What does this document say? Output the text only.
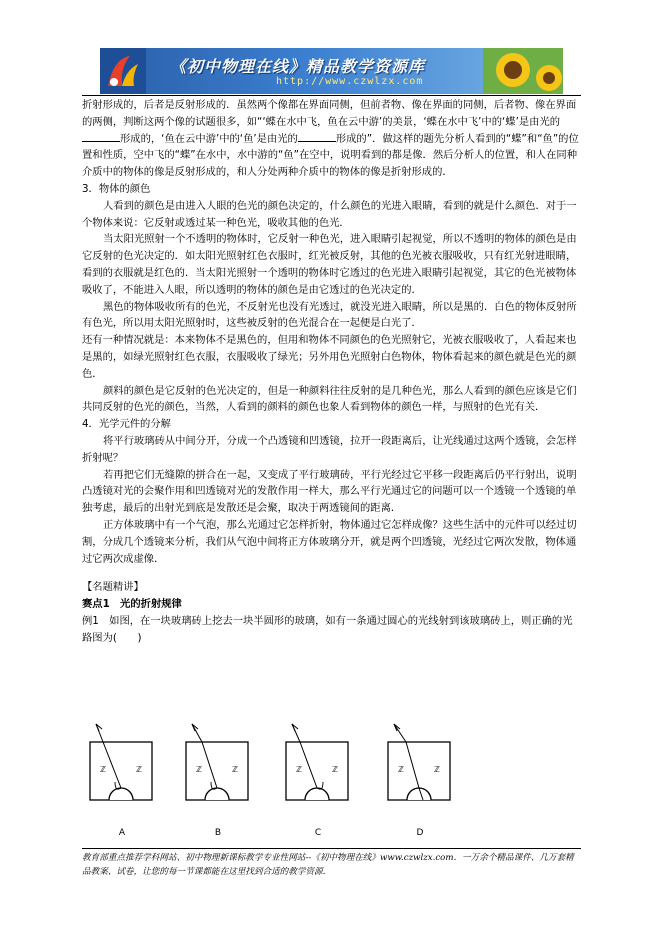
《初中物理在线》精品教学资源库
http://www.czwlzx.com

折射形成的，后者是反射形成的．虽然两个像都在界面同侧，但前者物、像在界面的同侧，后者物、像在界面的两侧，判断这两个像的试题很多，如“‘蝶在水中飞，鱼在云中游’的美景，‘蝶在水中飞’中的‘蝶’是由光的形成的，‘鱼在云中游’中的‘鱼’是由光的	形成的”．做这样的题先分析人看到的“蝶”和“鱼”的位置和性质，空中飞的“蝶”在水中，水中游的“鱼”在空中，说明看到的都是像．然后分析人的位置，和人在同种介质中的物体的像是反射形成的，和人分处两种介质中的物体的像是折射形成的．

3．物体的颜色

人看到的颜色是由进入人眼的色光的颜色决定的，什么颜色的光进入眼睛，看到的就是什么颜色．对于一个物体来说：它反射或透过某一种色光，吸收其他的色光．

当太阳光照射一个不透明的物体时，它反射一种色光，进入眼睛引起视觉，所以不透明的物体的颜色是由它反射的色光决定的．如太阳光照射红色衣服时，红光被反射，其他的色光被衣服吸收，只有红光射进眼睛，看到的衣服就是红色的．当太阳光照射一个透明的物体时它透过的色光进入眼睛引起视觉，其它的色光被物体吸收了，不能进入人眼，所以透明的物体的颜色是由它透过的色光决定的．

黑色的物体吸收所有的色光，不反射光也没有光透过，就没光进入眼睛，所以是黑的．白色的物体反射所有色光，所以用太阳光照射时，这些被反射的色光混合在一起便是白光了．

还有一种情况就是：本来物体不是黑色的，但用和物体不同颜色的色光照射它，光被衣服吸收了，人看起来也是黑的，如绿光照射红色衣服，衣服吸收了绿光；另外用色光照射白色物体，物体看起来的颜色就是色光的颜色．

颜料的颜色是它反射的色光决定的，但是一种颜料往往反射的是几种色光，那么人看到的颜色应该是它们共同反射的色光的颜色，当然，人看到的颜料的颜色也象人看到物体的颜色一样，与照射的色光有关．

4．光学元件的分解

将平行玻璃砖从中间分开，分成一个凸透镜和凹透镜，拉开一段距离后，让光线通过这两个透镜，会怎样折射呢？

若再把它们无缝隙的拼合在一起，又变成了平行玻璃砖，平行光经过它平移一段距离后仍平行射出，说明凸透镜对光的会聚作用和凹透镜对光的发散作用一样大，那么平行光通过它的问题可以一个透镜一个透镜的单独考虑，最后的出射光到底是发散还是会聚，取决于两透镜间的距离．

正方体玻璃中有一个气泡，那么光通过它怎样折射，物体通过它怎样成像？这些生活中的元件可以经过切割，分成几个透镜来分析，我们从气泡中间将正方体玻璃分开，就是两个凹透镜，光经过它两次发散，物体通过它两次成虚像．

【名题精讲】

赛点1　光的折射规律

例1　如图，在一块玻璃砖上挖去一块半圆形的玻璃，如有一条通过圆心的光线射到该玻璃砖上，则正确的光路图为(　　)

ℤ	ℤ
A
ℤ	ℤ
B
ℤ	ℤ
C
ℤ	ℤ
D
教育部重点推荐学科网站、初中物理新课标教学专业性网站--《初中物理在线》www.czwlzx.com．一万余个精品课件、几万套精品教案、试卷，让您的每一节课都能在这里找到合适的教学资源．
